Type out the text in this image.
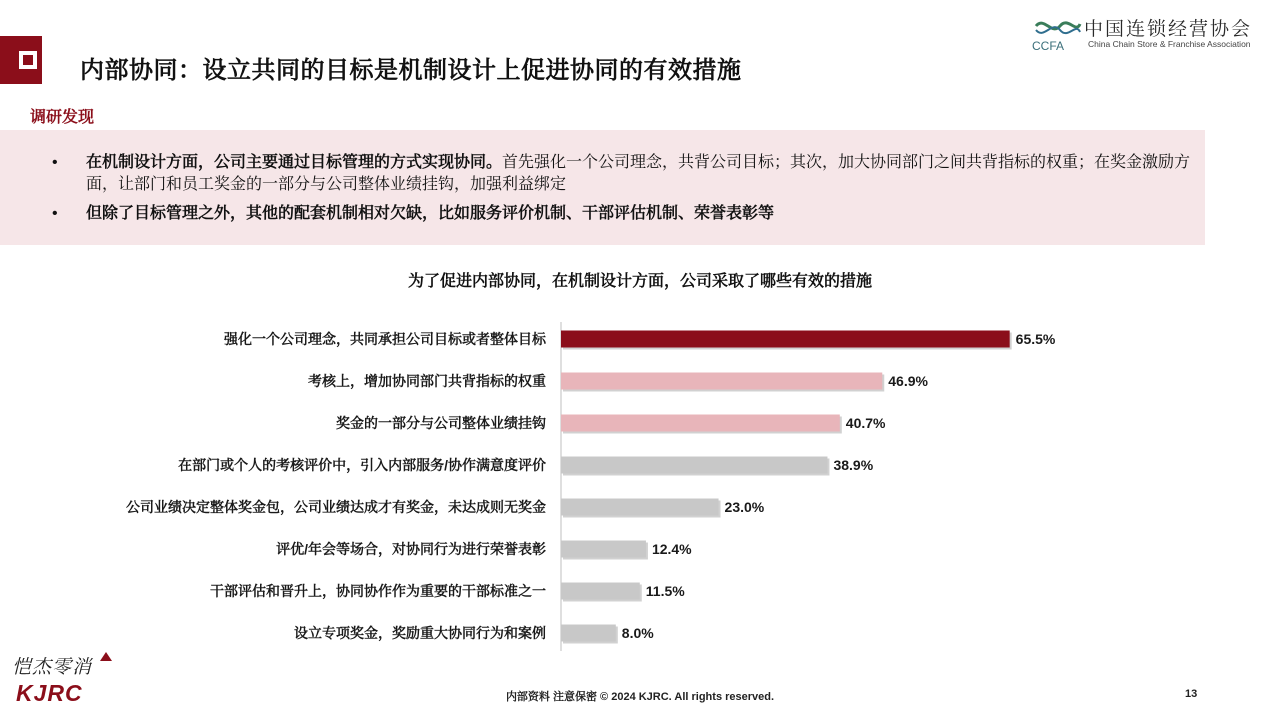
内部协同：设立共同的目标是机制设计上促进协同的有效措施
CCFA
中国连锁经营协会
China Chain Store & Franchise Association
调研发现
• 在机制设计方面，公司主要通过目标管理的方式实现协同。首先强化一个公司理念，共背公司目标；其次，加大协同部门之间共背指标的权重；在奖金激励方面，让部门和员工奖金的一部分与公司整体业绩挂钩，加强利益绑定
• 但除了目标管理之外，其他的配套机制相对欠缺，比如服务评价机制、干部评估机制、荣誉表彰等
为了促进内部协同，在机制设计方面，公司采取了哪些有效的措施
强化一个公司理念，共同承担公司目标或者整体目标	65.5%
考核上，增加协同部门共背指标的权重	46.9%
奖金的一部分与公司整体业绩挂钩	40.7%
在部门或个人的考核评价中，引入内部服务/协作满意度评价	38.9%
公司业绩决定整体奖金包，公司业绩达成才有奖金，未达成则无奖金	23.0%
评优/年会等场合，对协同行为进行荣誉表彰	12.4%
干部评估和晋升上，协同协作作为重要的干部标准之一	11.5%
设立专项奖金，奖励重大协同行为和案例	8.0%
恺杰零消
KJRC	内部资料 注意保密 © 2024 KJRC. All rights reserved.	13
